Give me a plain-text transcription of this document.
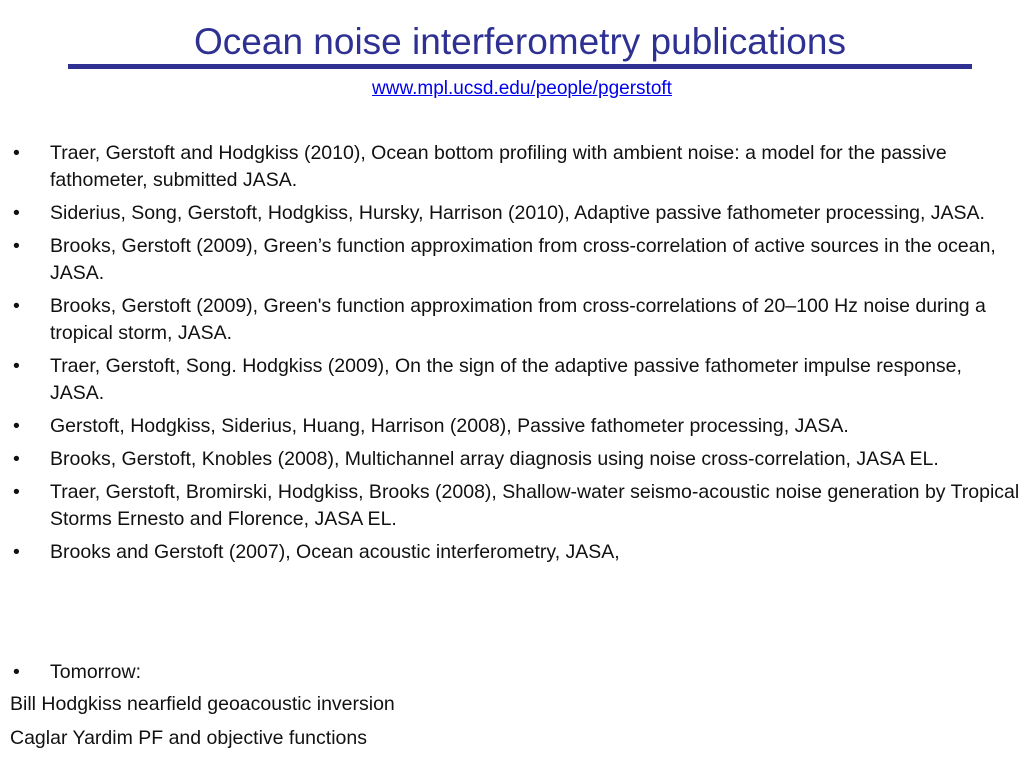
Ocean noise interferometry publications
www.mpl.ucsd.edu/people/pgerstoft
•	Traer, Gerstoft and Hodgkiss (2010), Ocean bottom profiling with ambient noise: a model for the passive fathometer, submitted JASA.
•	Siderius, Song, Gerstoft, Hodgkiss, Hursky, Harrison (2010), Adaptive passive fathometer processing, JASA.
•	Brooks, Gerstoft (2009), Green’s function approximation from cross-correlation of active sources in the ocean, JASA.
•	Brooks, Gerstoft (2009), Green's function approximation from cross-correlations of 20–100 Hz noise during a tropical storm, JASA.
•	Traer, Gerstoft, Song. Hodgkiss (2009), On the sign of the adaptive passive fathometer impulse response, JASA.
•	Gerstoft, Hodgkiss, Siderius, Huang, Harrison (2008), Passive fathometer processing, JASA.
•	Brooks, Gerstoft, Knobles (2008), Multichannel array diagnosis using noise cross-correlation, JASA EL.
•	Traer, Gerstoft, Bromirski, Hodgkiss, Brooks (2008), Shallow-water seismo-acoustic noise generation by Tropical Storms Ernesto and Florence, JASA EL.
•	Brooks and Gerstoft (2007), Ocean acoustic interferometry, JASA,
•	Tomorrow:
Bill Hodgkiss nearfield geoacoustic inversion
Caglar Yardim PF and objective functions
